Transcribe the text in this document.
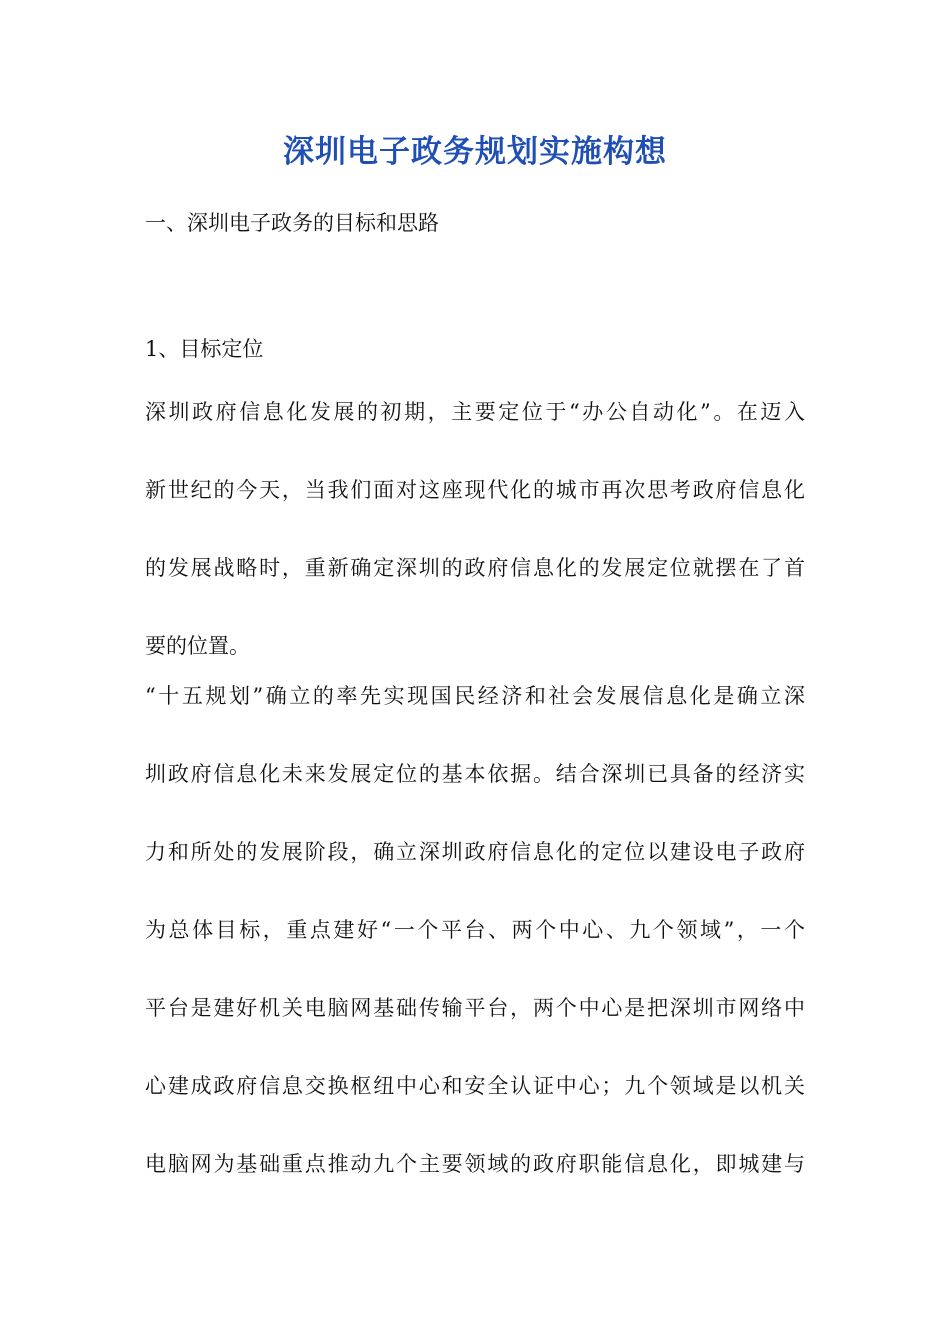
深圳电子政务规划实施构想
一、深圳电子政务的目标和思路
1、目标定位
深圳政府信息化发展的初期，主要定位于“办公自动化”。在迈入
新世纪的今天，当我们面对这座现代化的城市再次思考政府信息化
的发展战略时，重新确定深圳的政府信息化的发展定位就摆在了首
要的位置。
“十五规划”确立的率先实现国民经济和社会发展信息化是确立深
圳政府信息化未来发展定位的基本依据。结合深圳已具备的经济实
力和所处的发展阶段，确立深圳政府信息化的定位以建设电子政府
为总体目标，重点建好“一个平台、两个中心、九个领域”，一个
平台是建好机关电脑网基础传输平台，两个中心是把深圳市网络中
心建成政府信息交换枢纽中心和安全认证中心；九个领域是以机关
电脑网为基础重点推动九个主要领域的政府职能信息化，即城建与
